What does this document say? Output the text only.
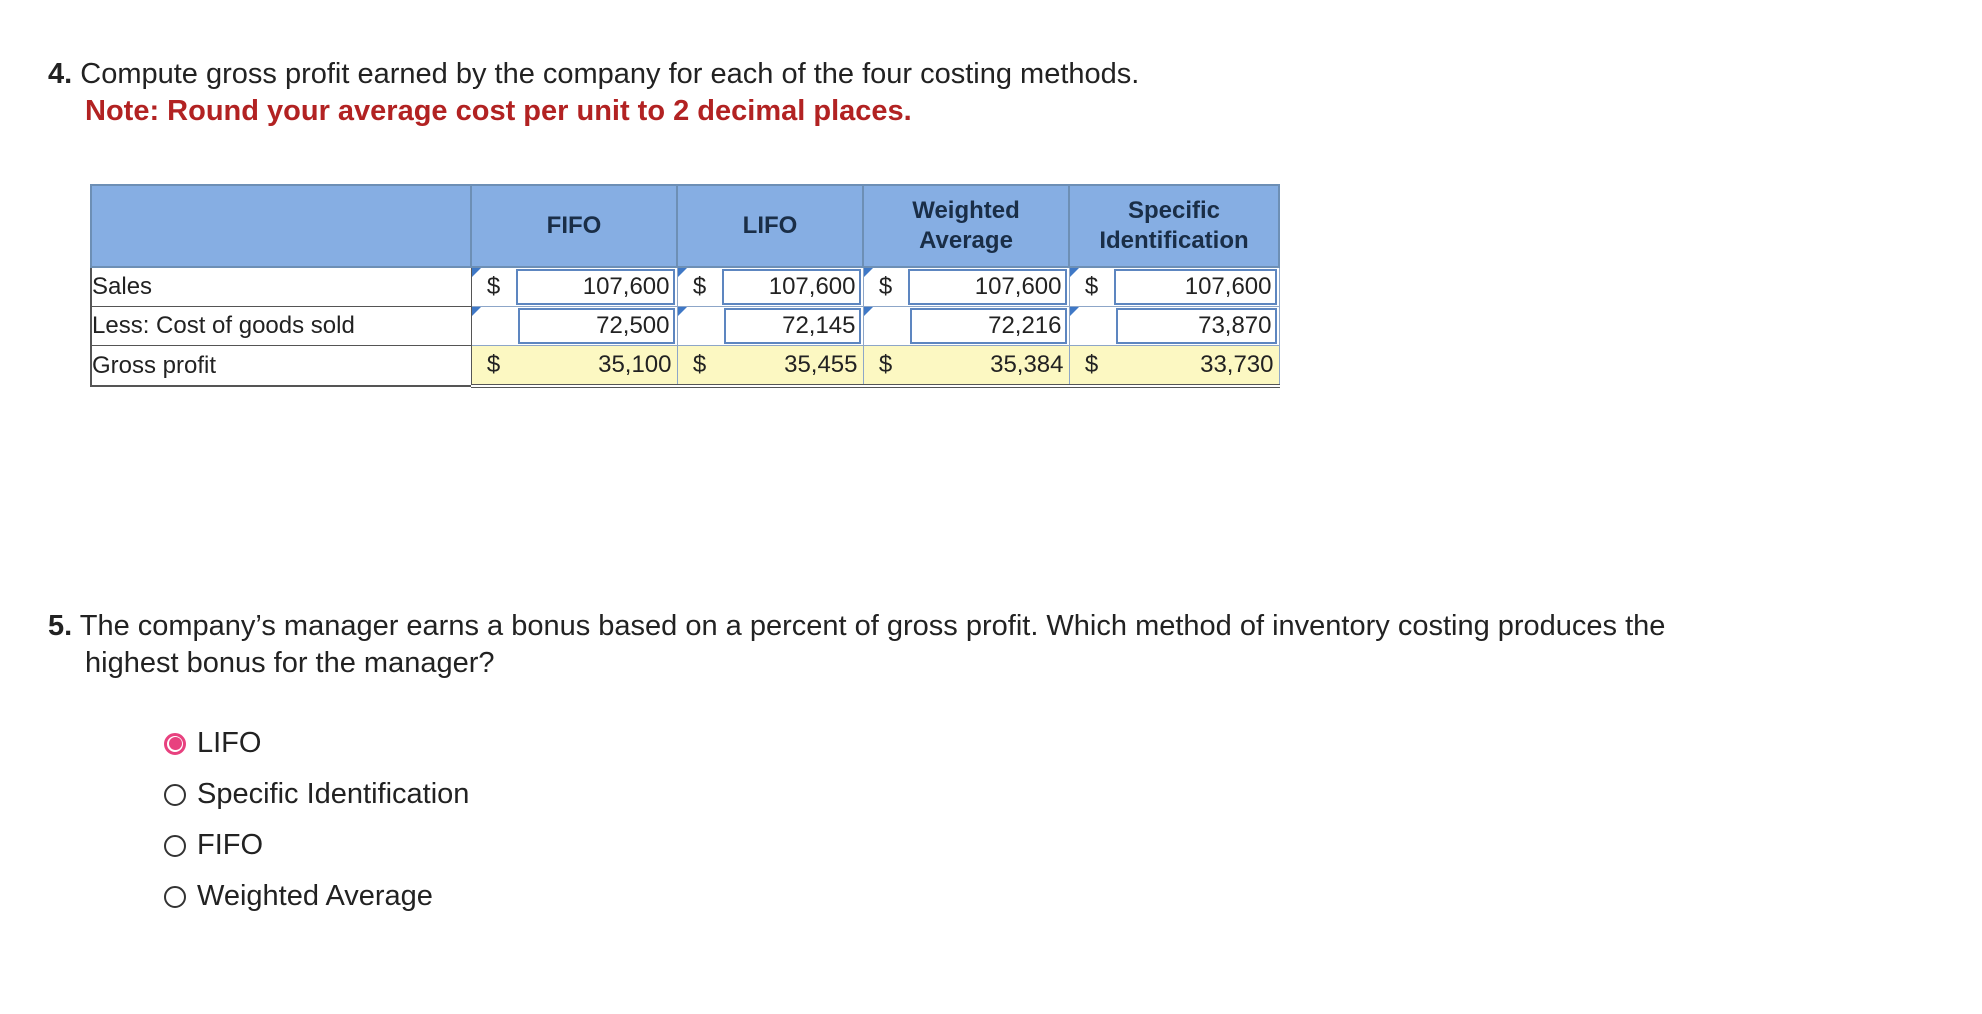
4. Compute gross profit earned by the company for each of the four costing methods.
Note: Round your average cost per unit to 2 decimal places.
	FIFO	LIFO	Weighted Average	Specific Identification
Sales	$ 107,600	$ 107,600	$ 107,600	$ 107,600

Less: Cost of goods sold	72,500	72,145	72,216	73,870

Gross profit	$ 35,100	$ 35,455	$ 35,384	$ 33,730
5. The company’s manager earns a bonus based on a percent of gross profit. Which method of inventory costing produces the
highest bonus for the manager?
LIFO
Specific Identification
FIFO
Weighted Average
